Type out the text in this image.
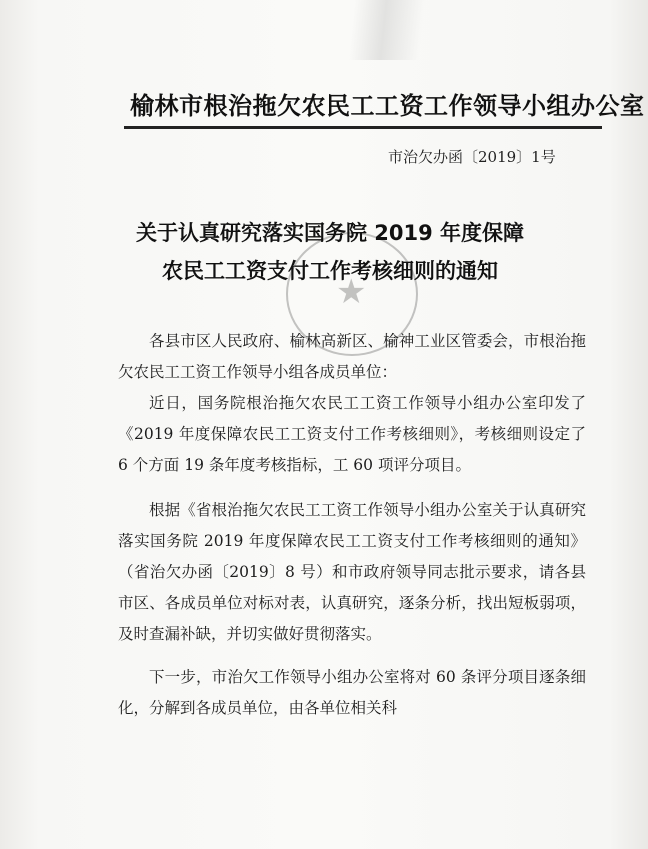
榆林市根治拖欠农民工工资工作领导小组办公室
市治欠办函〔2019〕1号
★
关于认真研究落实国务院 2019 年度保障
农民工工资支付工作考核细则的通知

各县市区人民政府、榆林高新区、榆神工业区管委会，市根治拖欠农民工工资工作领导小组各成员单位：

近日，国务院根治拖欠农民工工资工作领导小组办公室印发了《2019 年度保障农民工工资支付工作考核细则》，考核细则设定了 6 个方面 19 条年度考核指标，工 60 项评分项目。

根据《省根治拖欠农民工工资工作领导小组办公室关于认真研究落实国务院 2019 年度保障农民工工资支付工作考核细则的通知》（省治欠办函〔2019〕8 号）和市政府领导同志批示要求，请各县市区、各成员单位对标对表，认真研究，逐条分析，找出短板弱项，及时查漏补缺，并切实做好贯彻落实。

下一步，市治欠工作领导小组办公室将对 60 条评分项目逐条细化，分解到各成员单位，由各单位相关科
